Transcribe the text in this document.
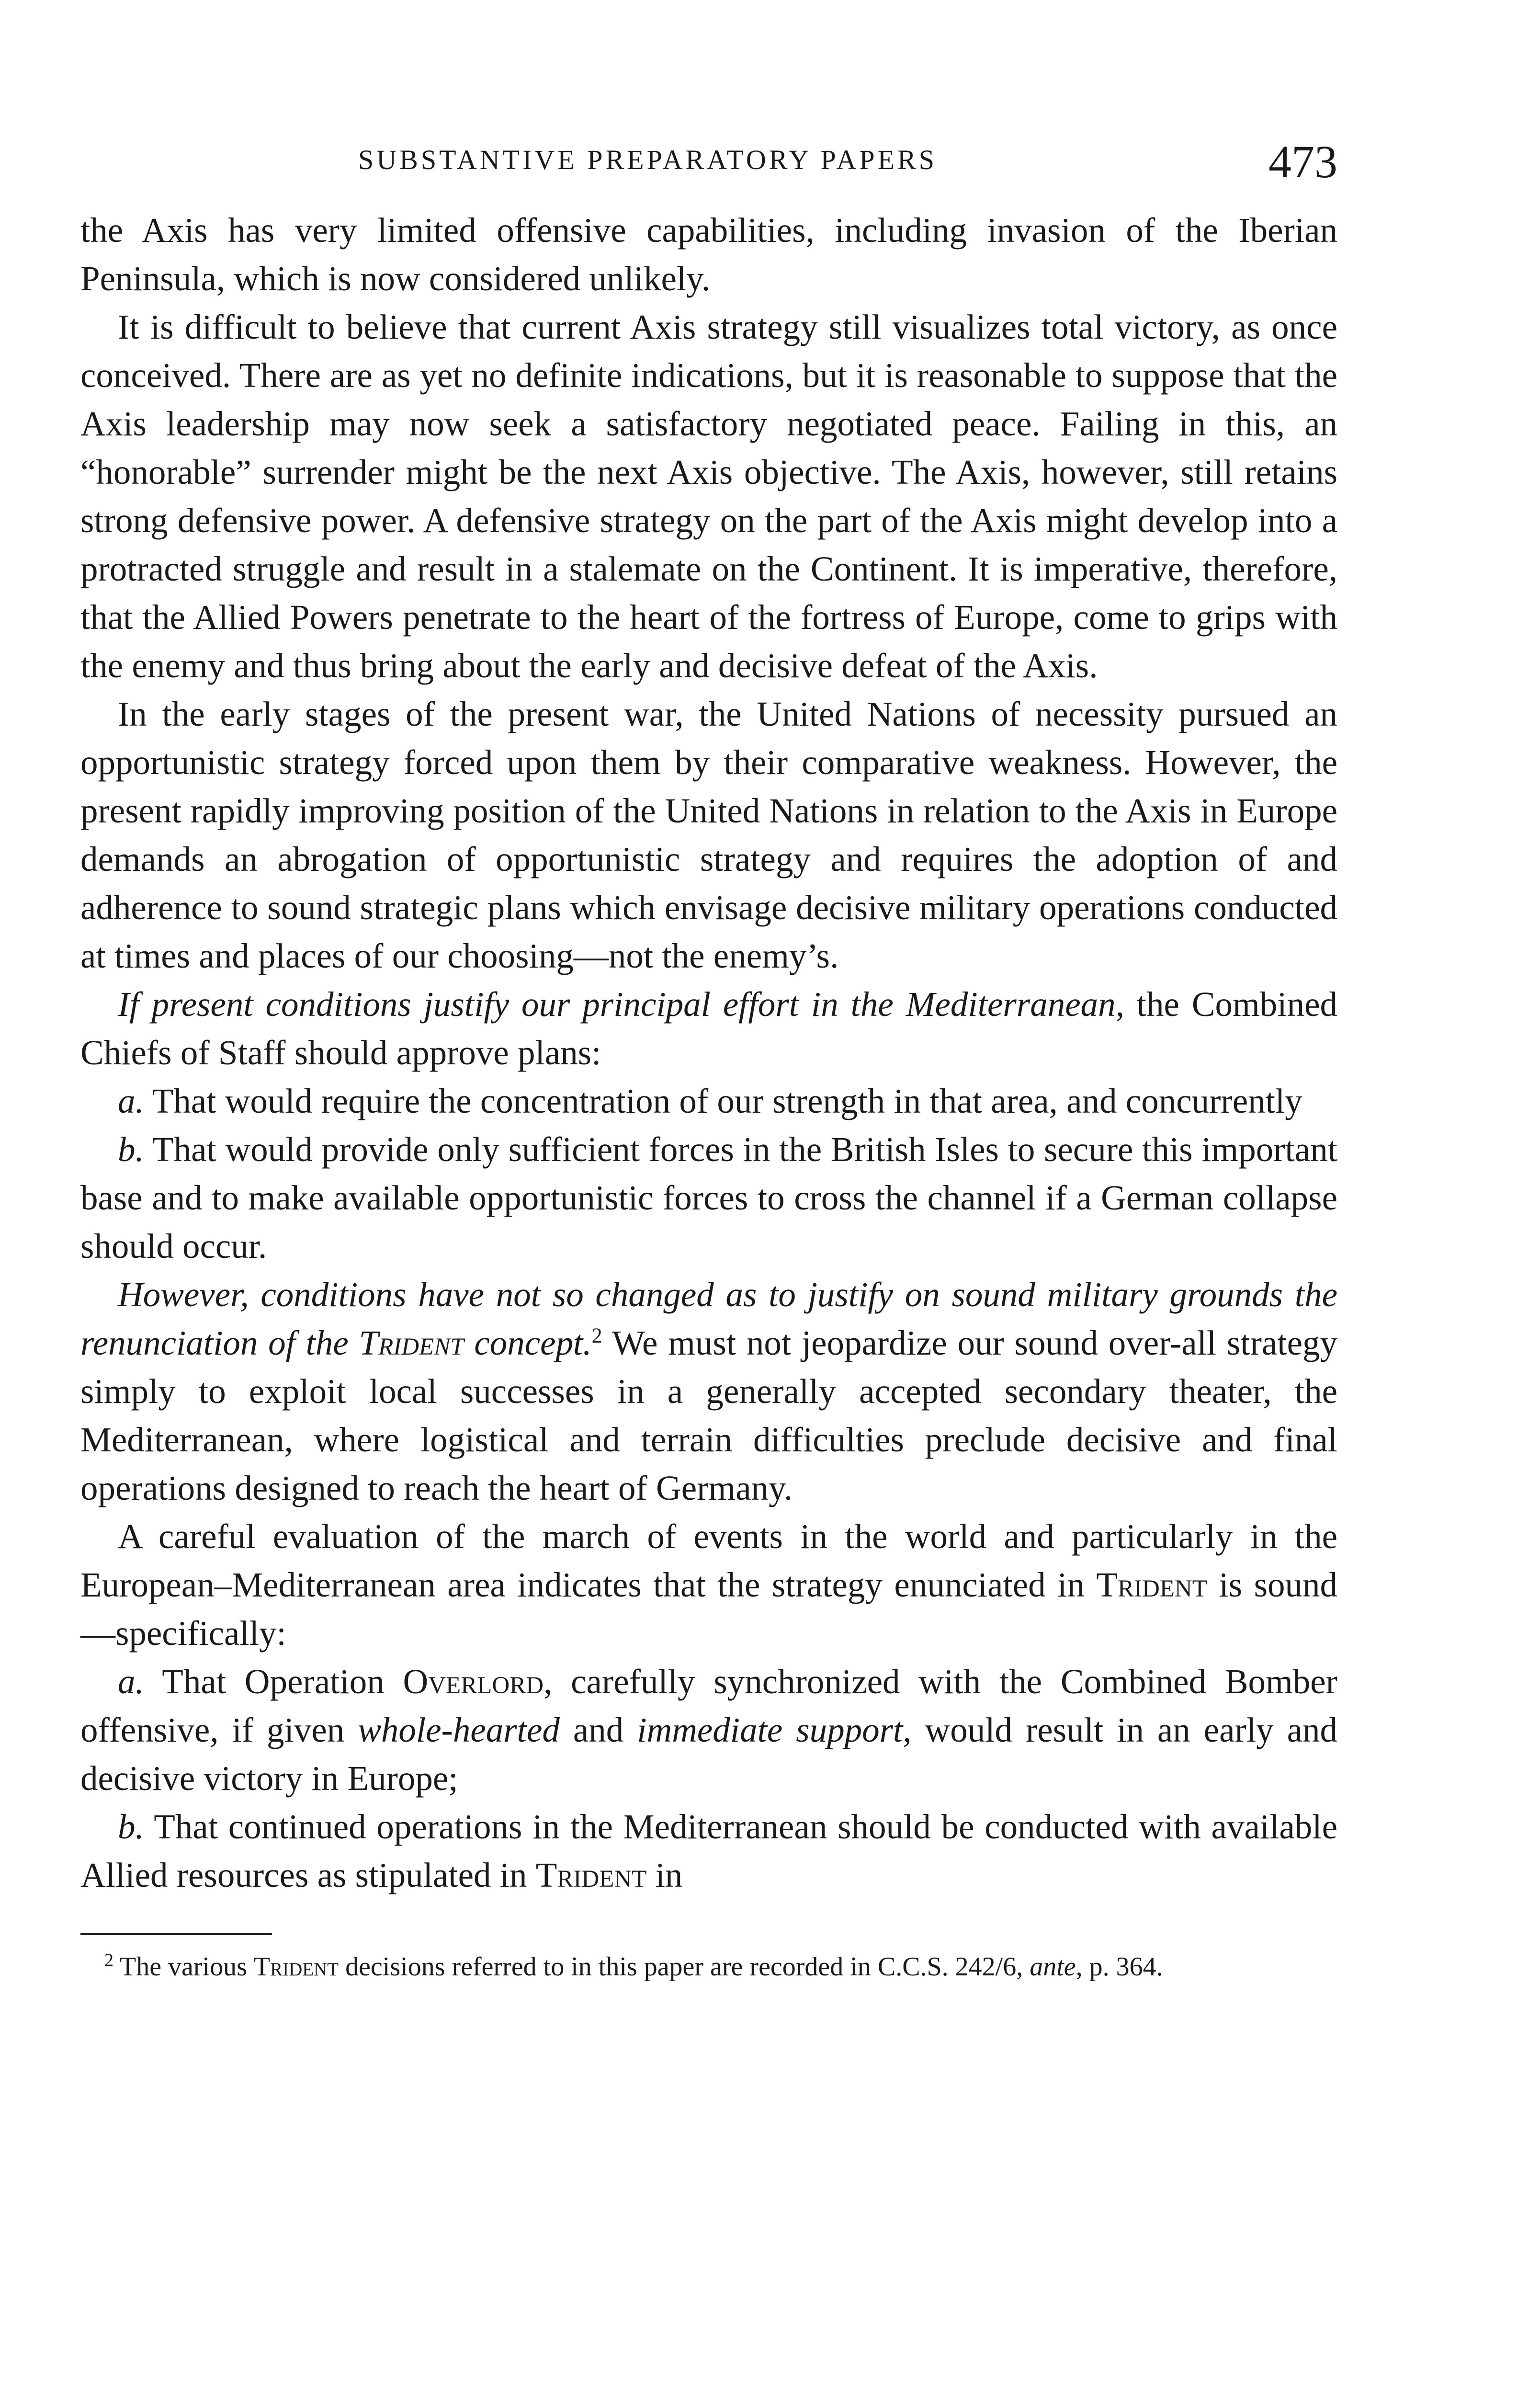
SUBSTANTIVE PREPARATORY PAPERS	473

the Axis has very limited offensive capabilities, including invasion of the Iberian Peninsula, which is now considered unlikely.

It is difficult to believe that current Axis strategy still visualizes total victory, as once conceived. There are as yet no definite indications, but it is reasonable to suppose that the Axis leadership may now seek a satisfactory negotiated peace. Failing in this, an “honorable” surrender might be the next Axis objective. The Axis, however, still retains strong defensive power. A defensive strategy on the part of the Axis might develop into a protracted struggle and result in a stalemate on the Continent. It is imperative, therefore, that the Allied Powers penetrate to the heart of the fortress of Europe, come to grips with the enemy and thus bring about the early and decisive defeat of the Axis.

In the early stages of the present war, the United Nations of necessity pursued an opportunistic strategy forced upon them by their comparative weakness. However, the present rapidly improving position of the United Nations in relation to the Axis in Europe demands an abrogation of opportunistic strategy and requires the adoption of and adherence to sound strategic plans which envisage decisive military operations conducted at times and places of our choosing—not the enemy’s.

If present conditions justify our principal effort in the Mediterranean, the Combined Chiefs of Staff should approve plans:

a. That would require the concentration of our strength in that area, and concurrently

b. That would provide only sufficient forces in the British Isles to secure this important base and to make available opportunistic forces to cross the channel if a German collapse should occur.

However, conditions have not so changed as to justify on sound military grounds the renunciation of the Trident concept.$^2$ We must not jeopardize our sound over-all strategy simply to exploit local successes in a generally accepted secondary theater, the Mediterranean, where logistical and terrain difficulties preclude decisive and final operations designed to reach the heart of Germany.

A careful evaluation of the march of events in the world and particularly in the European–Mediterranean area indicates that the strategy enunciated in Trident is sound—specifically:

a. That Operation Overlord, carefully synchronized with the Combined Bomber offensive, if given whole-hearted and immediate support, would result in an early and decisive victory in Europe;

b. That continued operations in the Mediterranean should be conducted with available Allied resources as stipulated in Trident in

$^2$ The various Trident decisions referred to in this paper are recorded in C.C.S. 242/6, ante, p. 364.
